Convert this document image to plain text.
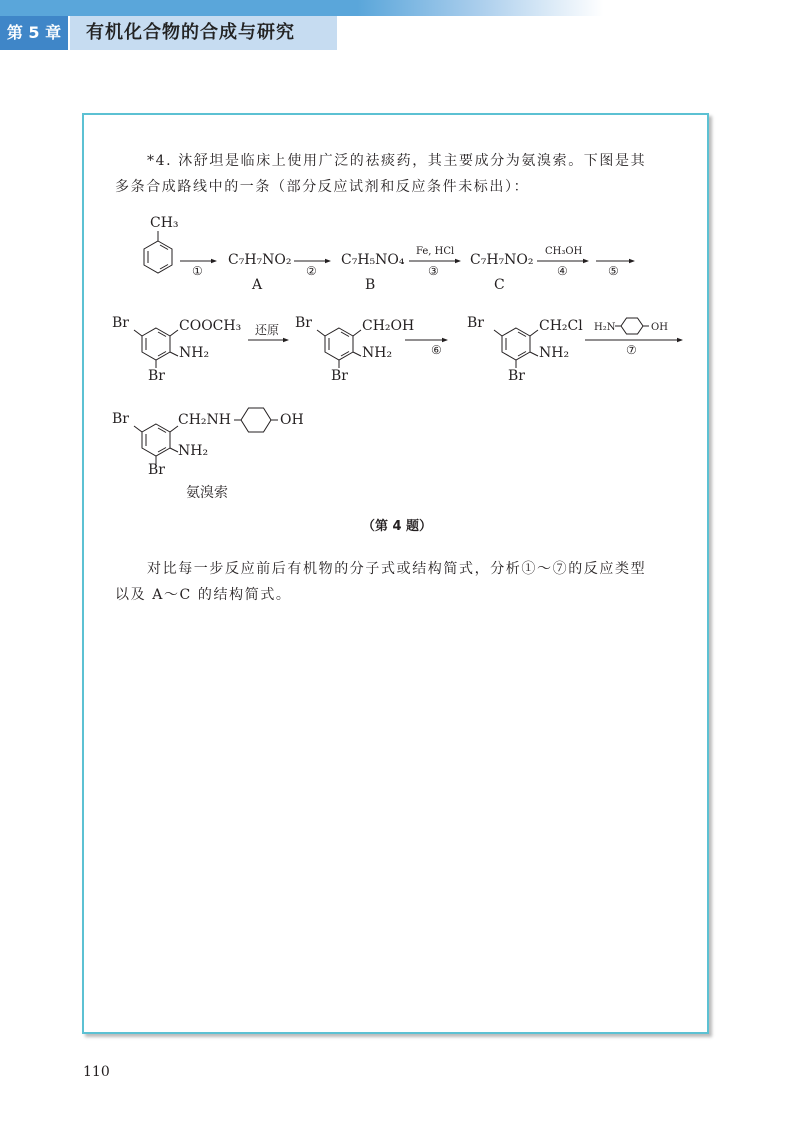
第 5 章	有机化合物的合成与研究
*4. 沐舒坦是临床上使用广泛的祛痰药，其主要成分为氨溴索。下图是其
多条合成路线中的一条（部分反应试剂和反应条件未标出）：
CH₃
①
C₇H₇NO₂
A
②
C₇H₅NO₄
B
Fe, HCl
③
C₇H₇NO₂
C
CH₃OH
④	⑤
Br	COOCH₃
NH₂
Br
还原 Br	CH₂OH
NH₂
Br
⑥
Br	CH₂Cl
NH₂
Br
H₂N	OH
⑦
Br	CH₂NH	OH
NH₂
Br
氨溴索
（第 4 题）
对比每一步反应前后有机物的分子式或结构简式，分析①～⑦的反应类型
以及 A～C 的结构简式。
110
